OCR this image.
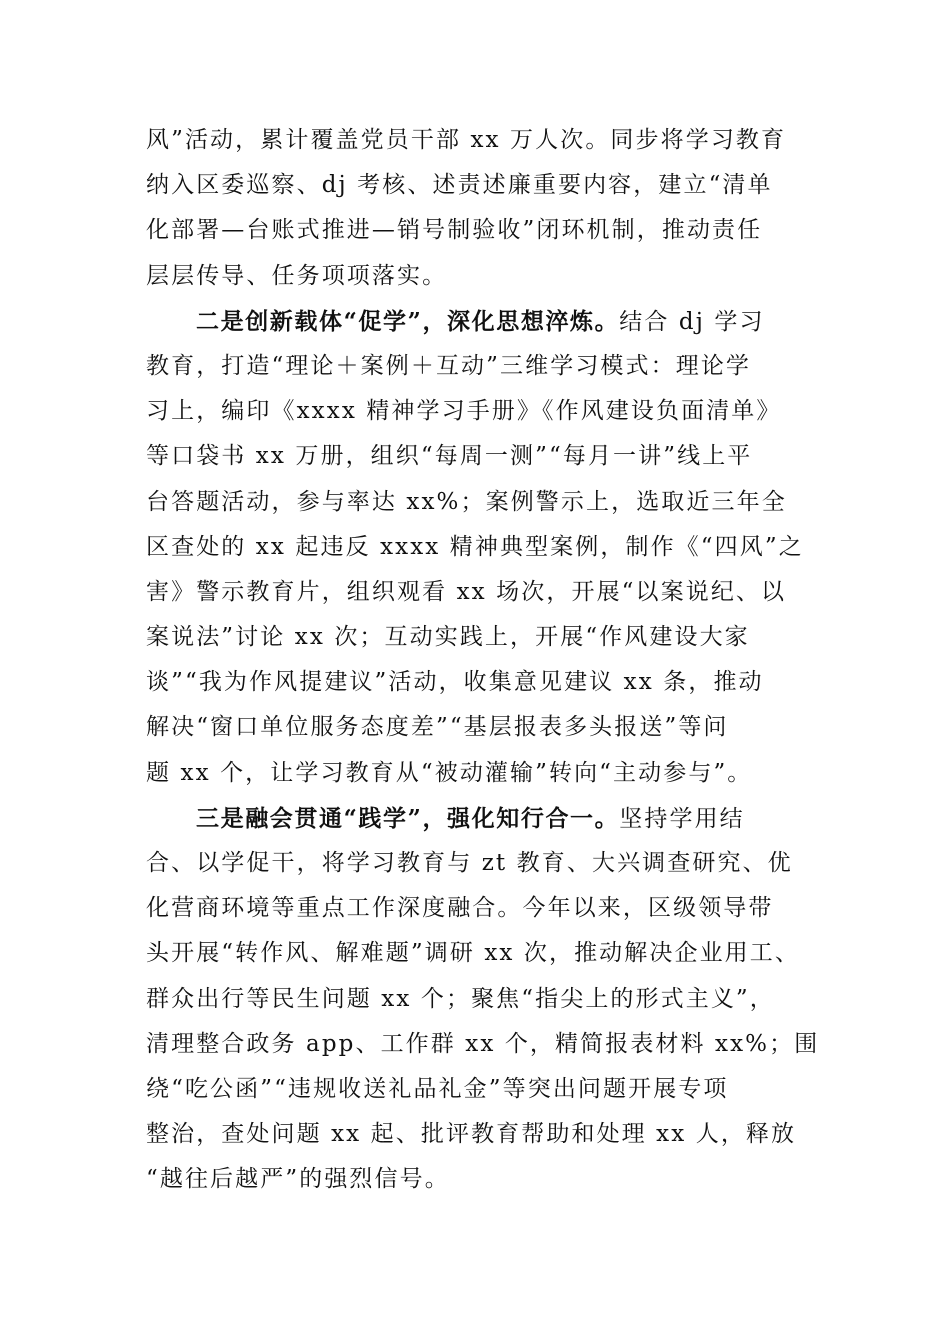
风”活动，累计覆盖党员干部 xx 万人次。同步将学习教育
纳入区委巡察、dj 考核、述责述廉重要内容，建立“清单
化部署—台账式推进—销号制验收”闭环机制，推动责任
层层传导、任务项项落实。
二是创新载体“促学”，深化思想淬炼。结合 dj 学习
教育，打造“理论＋案例＋互动”三维学习模式：理论学
习上，编印《xxxx 精神学习手册》《作风建设负面清单》
等口袋书 xx 万册，组织“每周一测”“每月一讲”线上平
台答题活动，参与率达 xx%；案例警示上，选取近三年全
区查处的 xx 起违反 xxxx 精神典型案例，制作《“四风”之
害》警示教育片，组织观看 xx 场次，开展“以案说纪、以
案说法”讨论 xx 次；互动实践上，开展“作风建设大家
谈”“我为作风提建议”活动，收集意见建议 xx 条，推动
解决“窗口单位服务态度差”“基层报表多头报送”等问
题 xx 个，让学习教育从“被动灌输”转向“主动参与”。
三是融会贯通“践学”，强化知行合一。坚持学用结
合、以学促干，将学习教育与 zt 教育、大兴调查研究、优
化营商环境等重点工作深度融合。今年以来，区级领导带
头开展“转作风、解难题”调研 xx 次，推动解决企业用工、
群众出行等民生问题 xx 个；聚焦“指尖上的形式主义”，
清理整合政务 app、工作群 xx 个，精简报表材料 xx%；围
绕“吃公函”“违规收送礼品礼金”等突出问题开展专项
整治，查处问题 xx 起、批评教育帮助和处理 xx 人，释放
“越往后越严”的强烈信号。
